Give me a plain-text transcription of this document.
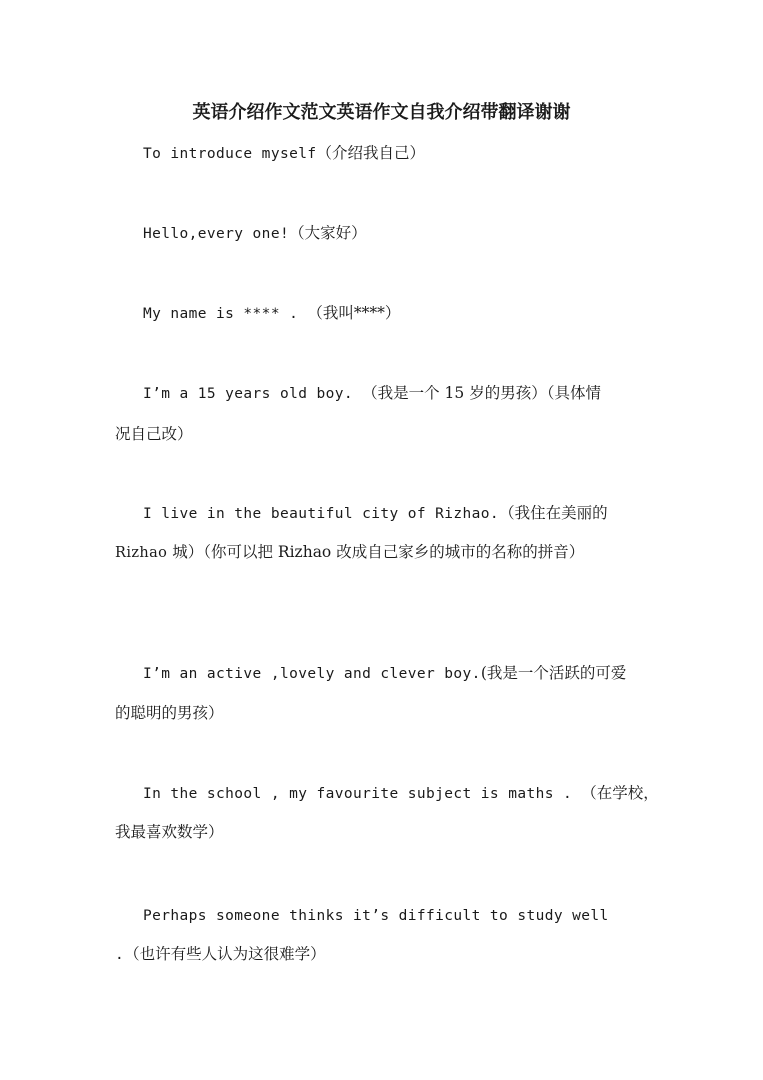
英语介绍作文范文英语作文自我介绍带翻译谢谢
To introduce myself（介绍我自己）
Hello,every one!（大家好）
My name is **** . （我叫****）
I’m a 15 years old boy. （我是一个 15 岁的男孩）（具体情
况自己改）
I live in the beautiful city of Rizhao.（我住在美丽的
Rizhao 城）（你可以把 Rizhao 改成自己家乡的城市的名称的拼音）
I’m an active ,lovely and clever boy.(我是一个活跃的可爱
的聪明的男孩）
In the school , my favourite subject is maths . （在学校，
我最喜欢数学）
Perhaps someone thinks it’s difficult to study well
.（也许有些人认为这很难学）
